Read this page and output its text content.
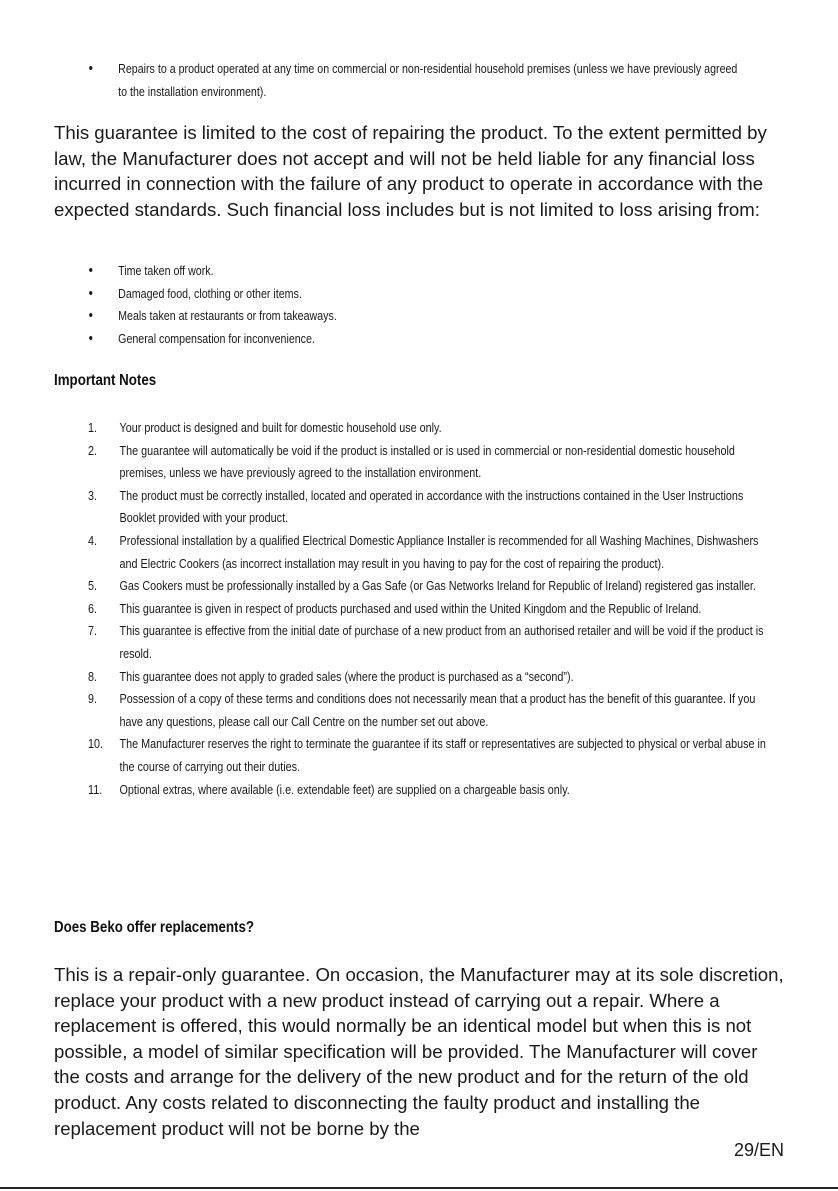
• Repairs to a product operated at any time on commercial or non-residential household premises (unless we have previously agreed to the installation environment).

This guarantee is limited to the cost of repairing the product. To the extent permitted by law, the Manufacturer does not accept and will not be held liable for any financial loss incurred in connection with the failure of any product to operate in accordance with the expected standards. Such financial loss includes but is not limited to loss arising from:

• Time taken off work.
• Damaged food, clothing or other items.
• Meals taken at restaurants or from takeaways.
• General compensation for inconvenience.
Important Notes
1. Your product is designed and built for domestic household use only.
2. The guarantee will automatically be void if the product is installed or is used in commercial or non-residential domestic household premises, unless we have previously agreed to the installation environment.
3. The product must be correctly installed, located and operated in accordance with the instructions contained in the User Instructions Booklet provided with your product.
4. Professional installation by a qualified Electrical Domestic Appliance Installer is recommended for all Washing Machines, Dishwashers and Electric Cookers (as incorrect installation may result in you having to pay for the cost of repairing the product).
5. Gas Cookers must be professionally installed by a Gas Safe (or Gas Networks Ireland for Republic of Ireland) registered gas installer.
6. This guarantee is given in respect of products purchased and used within the United Kingdom and the Republic of Ireland.
7. This guarantee is effective from the initial date of purchase of a new product from an authorised retailer and will be void if the product is resold.
8. This guarantee does not apply to graded sales (where the product is purchased as a “second”).
9. Possession of a copy of these terms and conditions does not necessarily mean that a product has the benefit of this guarantee. If you have any questions, please call our Call Centre on the number set out above.
10. The Manufacturer reserves the right to terminate the guarantee if its staff or representatives are subjected to physical or verbal abuse in the course of carrying out their duties.
11. Optional extras, where available (i.e. extendable feet) are supplied on a chargeable basis only.
Does Beko offer replacements?

This is a repair-only guarantee. On occasion, the Manufacturer may at its sole discretion, replace your product with a new product instead of carrying out a repair. Where a replacement is offered, this would normally be an identical model but when this is not possible, a model of similar specification will be provided. The Manufacturer will cover the costs and arrange for the delivery of the new product and for the return of the old product. Any costs related to disconnecting the faulty product and installing the replacement product will not be borne by the

29/EN
